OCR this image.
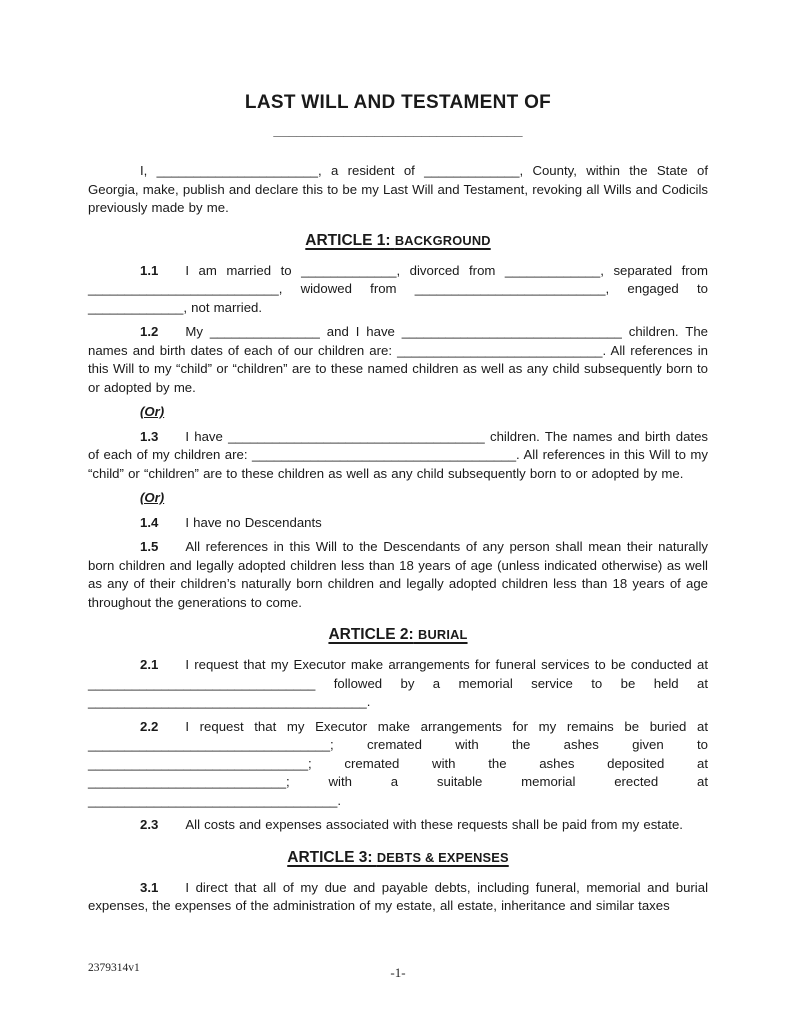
LAST WILL AND TESTAMENT OF
________________________________

I, ______________________, a resident of _____________, County, within the State of Georgia, make, publish and declare this to be my Last Will and Testament, revoking all Wills and Codicils previously made by me.

ARTICLE 1: BACKGROUND

1.1 I am married to _____________, divorced from _____________, separated from __________________________, widowed from __________________________, engaged to _____________, not married.

1.2 My _______________ and I have ______________________________ children. The names and birth dates of each of our children are: ____________________________. All references in this Will to my “child” or “children” are to these named children as well as any child subsequently born to or adopted by me.

(Or)

1.3 I have ___________________________________ children. The names and birth dates of each of my children are: ____________________________________. All references in this Will to my “child” or “children” are to these children as well as any child subsequently born to or adopted by me.

(Or)

1.4 I have no Descendants

1.5 All references in this Will to the Descendants of any person shall mean their naturally born children and legally adopted children less than 18 years of age (unless indicated otherwise) as well as any of their children’s naturally born children and legally adopted children less than 18 years of age throughout the generations to come.

ARTICLE 2: BURIAL

2.1 I request that my Executor make arrangements for funeral services to be conducted at _______________________________ followed by a memorial service to be held at ______________________________________.

2.2 I request that my Executor make arrangements for my remains be buried at _________________________________; cremated with the ashes given to ______________________________; cremated with the ashes deposited at ___________________________; with a suitable memorial erected at __________________________________.

2.3 All costs and expenses associated with these requests shall be paid from my estate.

ARTICLE 3: DEBTS & EXPENSES

3.1 I direct that all of my due and payable debts, including funeral, memorial and burial expenses, the expenses of the administration of my estate, all estate, inheritance and similar taxes

2379314v1	-1-
